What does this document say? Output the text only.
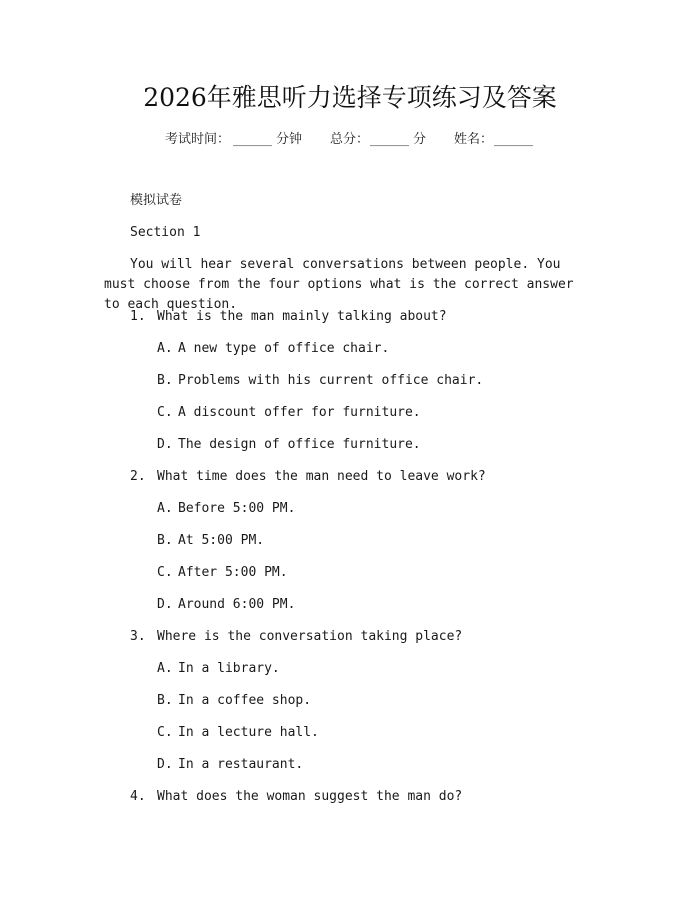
2026年雅思听力选择专项练习及答案
考试时间： ______ 分钟 总分： ______ 分 姓名： ______
模拟试卷
Section 1
You will hear several conversations between people. You must choose from the four options what is the correct answer to each question.
1. What is the man mainly talking about?
A. A new type of office chair.
B. Problems with his current office chair.
C. A discount offer for furniture.
D. The design of office furniture.
2. What time does the man need to leave work?
A. Before 5:00 PM.
B. At 5:00 PM.
C. After 5:00 PM.
D. Around 6:00 PM.
3. Where is the conversation taking place?
A. In a library.
B. In a coffee shop.
C. In a lecture hall.
D. In a restaurant.
4. What does the woman suggest the man do?
